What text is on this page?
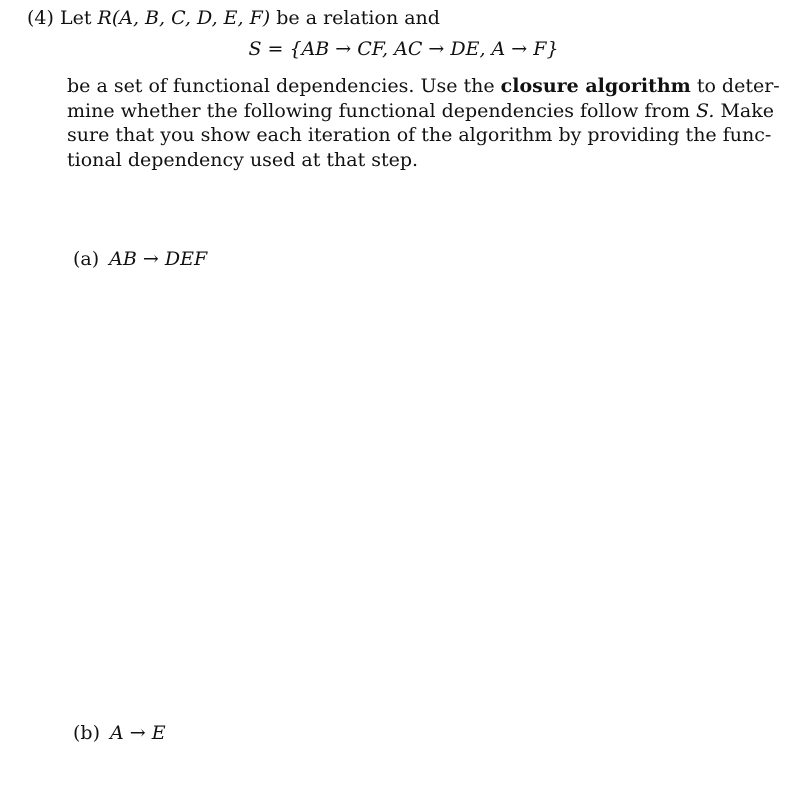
(4) Let R(A, B, C, D, E, F) be a relation and
S = {AB → CF, AC → DE, A → F}
be a set of functional dependencies. Use the closure algorithm to deter-
mine whether the following functional dependencies follow from S. Make
sure that you show each iteration of the algorithm by providing the func-
tional dependency used at that step.
(a) AB → DEF
(b) A → E
